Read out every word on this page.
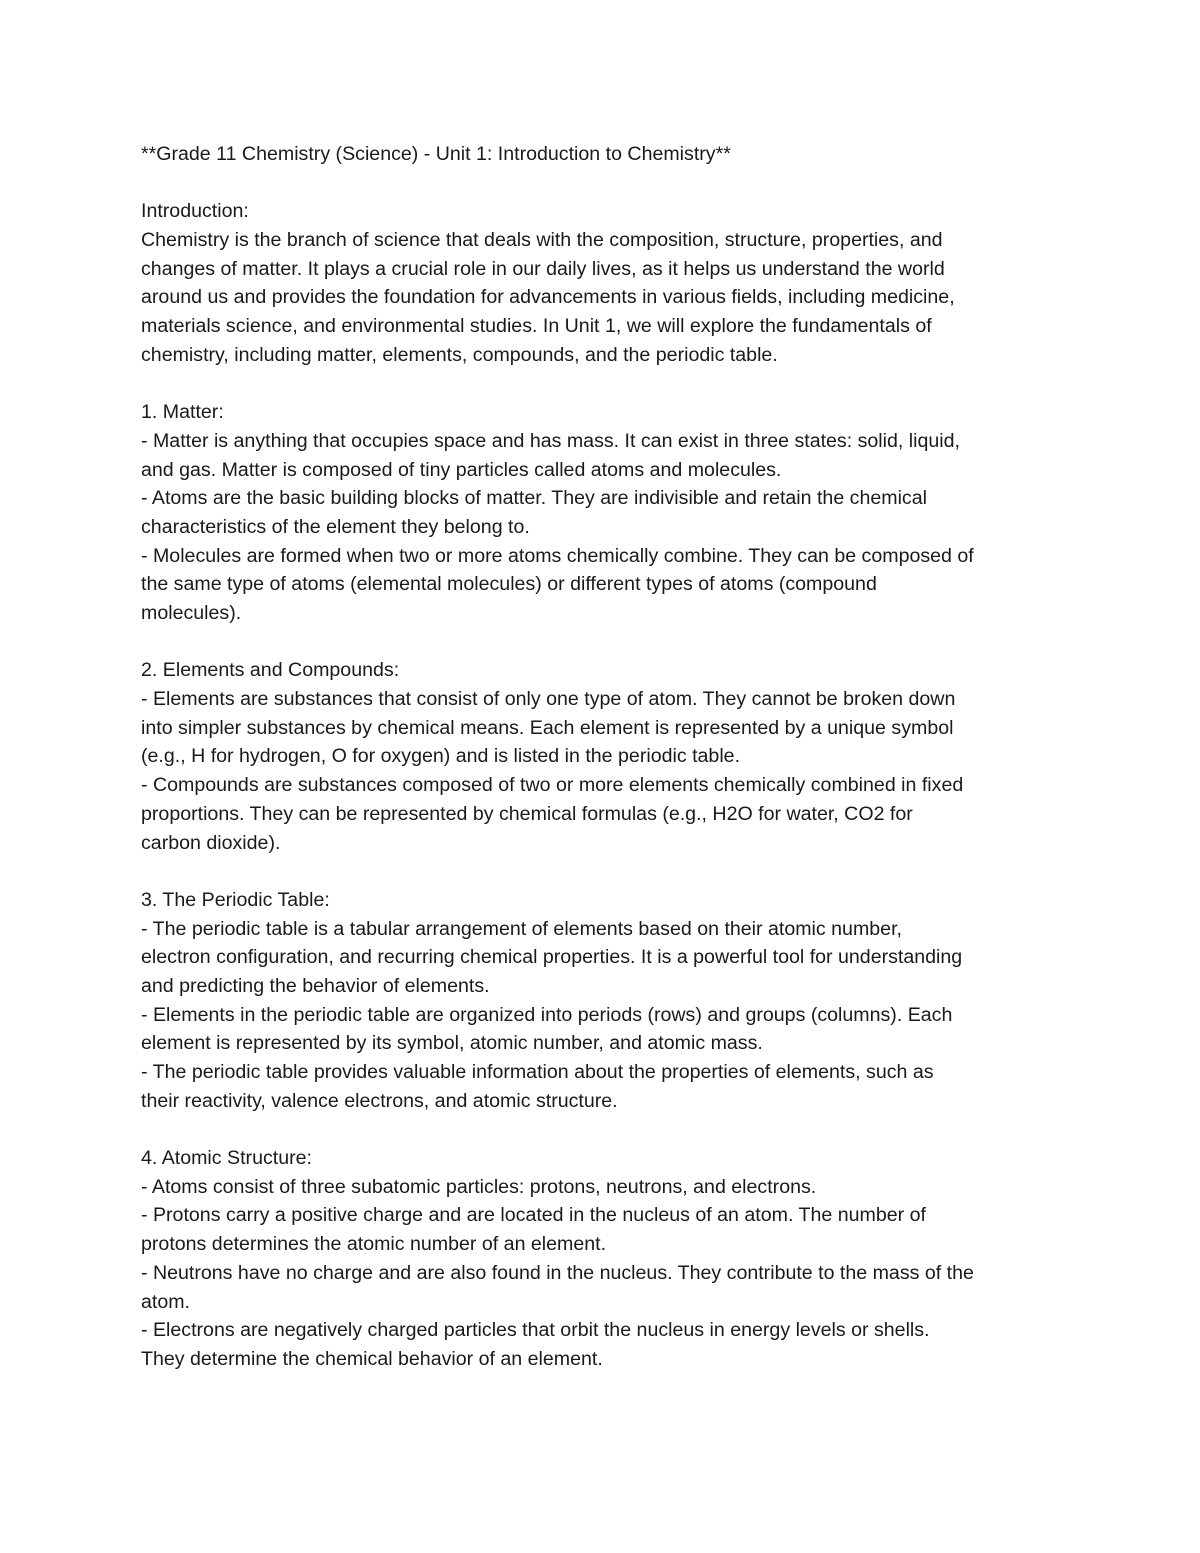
**Grade 11 Chemistry (Science) - Unit 1: Introduction to Chemistry**
Introduction:
Chemistry is the branch of science that deals with the composition, structure, properties, and
changes of matter. It plays a crucial role in our daily lives, as it helps us understand the world
around us and provides the foundation for advancements in various fields, including medicine,
materials science, and environmental studies. In Unit 1, we will explore the fundamentals of
chemistry, including matter, elements, compounds, and the periodic table.
1. Matter:
- Matter is anything that occupies space and has mass. It can exist in three states: solid, liquid,
and gas. Matter is composed of tiny particles called atoms and molecules.
- Atoms are the basic building blocks of matter. They are indivisible and retain the chemical
characteristics of the element they belong to.
- Molecules are formed when two or more atoms chemically combine. They can be composed of
the same type of atoms (elemental molecules) or different types of atoms (compound
molecules).
2. Elements and Compounds:
- Elements are substances that consist of only one type of atom. They cannot be broken down
into simpler substances by chemical means. Each element is represented by a unique symbol
(e.g., H for hydrogen, O for oxygen) and is listed in the periodic table.
- Compounds are substances composed of two or more elements chemically combined in fixed
proportions. They can be represented by chemical formulas (e.g., H2O for water, CO2 for
carbon dioxide).
3. The Periodic Table:
- The periodic table is a tabular arrangement of elements based on their atomic number,
electron configuration, and recurring chemical properties. It is a powerful tool for understanding
and predicting the behavior of elements.
- Elements in the periodic table are organized into periods (rows) and groups (columns). Each
element is represented by its symbol, atomic number, and atomic mass.
- The periodic table provides valuable information about the properties of elements, such as
their reactivity, valence electrons, and atomic structure.
4. Atomic Structure:
- Atoms consist of three subatomic particles: protons, neutrons, and electrons.
- Protons carry a positive charge and are located in the nucleus of an atom. The number of
protons determines the atomic number of an element.
- Neutrons have no charge and are also found in the nucleus. They contribute to the mass of the
atom.
- Electrons are negatively charged particles that orbit the nucleus in energy levels or shells.
They determine the chemical behavior of an element.
